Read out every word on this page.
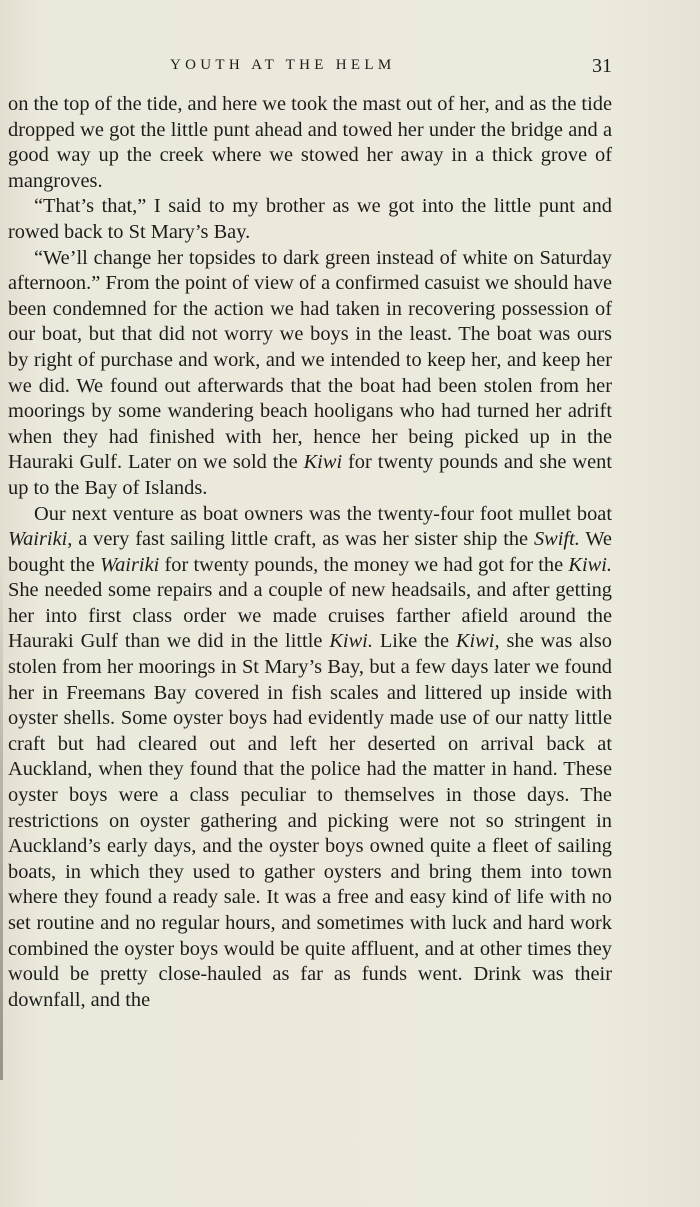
YOUTH AT THE HELM	31

on the top of the tide, and here we took the mast out of her, and as the tide dropped we got the little punt ahead and towed her under the bridge and a good way up the creek where we stowed her away in a thick grove of mangroves.

“That’s that,” I said to my brother as we got into the little punt and rowed back to St Mary’s Bay.

“We’ll change her topsides to dark green instead of white on Saturday afternoon.” From the point of view of a confirmed casuist we should have been condemned for the action we had taken in recovering possession of our boat, but that did not worry we boys in the least. The boat was ours by right of purchase and work, and we intended to keep her, and keep her we did. We found out afterwards that the boat had been stolen from her moorings by some wandering beach hooligans who had turned her adrift when they had finished with her, hence her being picked up in the Hauraki Gulf. Later on we sold the Kiwi for twenty pounds and she went up to the Bay of Islands.

Our next venture as boat owners was the twenty-four foot mullet boat Wairiki, a very fast sailing little craft, as was her sister ship the Swift. We bought the Wairiki for twenty pounds, the money we had got for the Kiwi. She needed some repairs and a couple of new headsails, and after getting her into first class order we made cruises farther afield around the Hauraki Gulf than we did in the little Kiwi. Like the Kiwi, she was also stolen from her moorings in St Mary’s Bay, but a few days later we found her in Freemans Bay covered in fish scales and littered up inside with oyster shells. Some oyster boys had evidently made use of our natty little craft but had cleared out and left her deserted on arrival back at Auckland, when they found that the police had the matter in hand. These oyster boys were a class peculiar to themselves in those days. The restrictions on oyster gathering and picking were not so stringent in Auckland’s early days, and the oyster boys owned quite a fleet of sailing boats, in which they used to gather oysters and bring them into town where they found a ready sale. It was a free and easy kind of life with no set routine and no regular hours, and sometimes with luck and hard work combined the oyster boys would be quite affluent, and at other times they would be pretty close-hauled as far as funds went. Drink was their downfall, and the
